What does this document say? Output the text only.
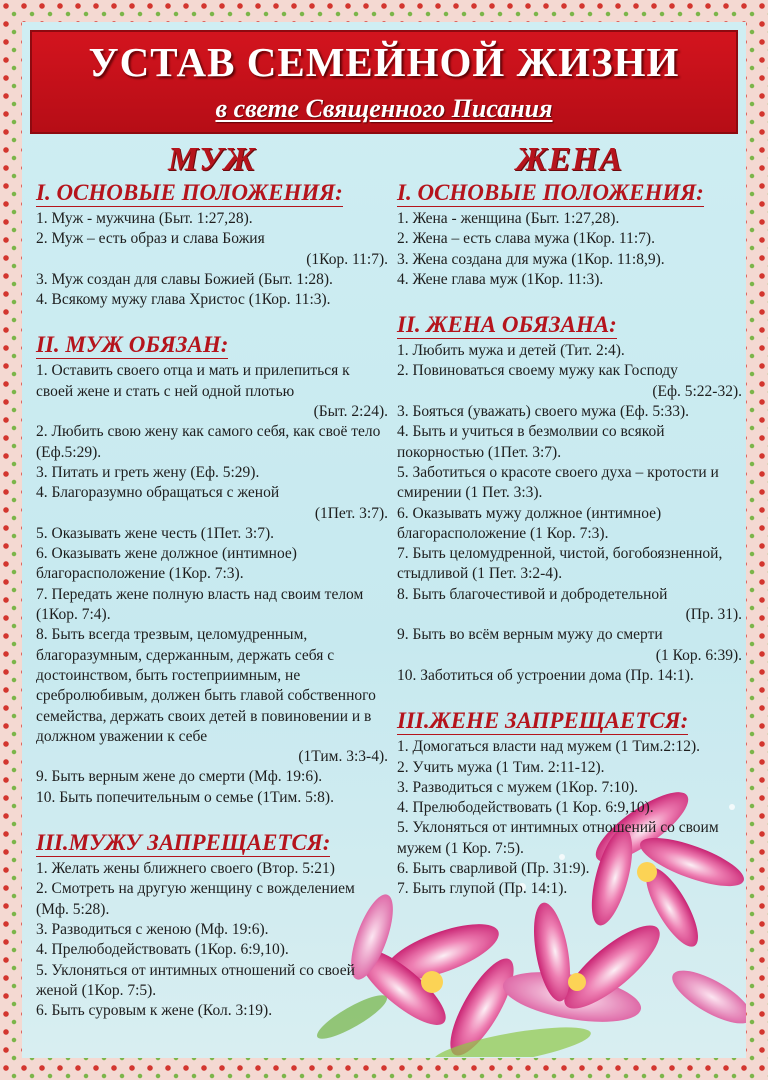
УСТАВ СЕМЕЙНОЙ ЖИЗНИ
в свете Священного Писания
МУЖ
I. ОСНОВЫЕ ПОЛОЖЕНИЯ:
1. Муж - мужчина (Быт. 1:27,28).
2. Муж – есть образ и слава Божия
(1Кор. 11:7).
3. Муж создан для славы Божией (Быт. 1:28).
4. Всякому мужу глава Христос (1Кор. 11:3).
II. МУЖ ОБЯЗАН:
1. Оставить своего отца и мать и прилепиться к своей жене и стать с ней одной плотью
(Быт. 2:24).
2. Любить свою жену как самого себя, как своё тело (Еф.5:29).
3. Питать и греть жену (Еф. 5:29).
4. Благоразумно обращаться с женой
(1Пет. 3:7).
5. Оказывать жене честь (1Пет. 3:7).
6. Оказывать жене должное (интимное) благорасположение (1Кор. 7:3).
7. Передать жене полную власть над своим телом (1Кор. 7:4).
8. Быть всегда трезвым, целомудренным, благоразумным, сдержанным, держать себя с достоинством, быть гостеприимным, не сребролюбивым, должен быть главой собственного семейства, держать своих детей в повиновении и в должном уважении к себе
(1Тим. 3:3-4).
9. Быть верным жене до смерти (Мф. 19:6).
10. Быть попечительным о семье (1Тим. 5:8).
III.МУЖУ ЗАПРЕЩАЕТСЯ:
1. Желать жены ближнего своего (Втор. 5:21)
2. Смотреть на другую женщину с вожделением (Мф. 5:28).
3. Разводиться с женою (Мф. 19:6).
4. Прелюбодействовать (1Кор. 6:9,10).
5. Уклоняться от интимных отношений со своей женой (1Кор. 7:5).
6. Быть суровым к жене (Кол. 3:19).
ЖЕНА
I. ОСНОВЫЕ ПОЛОЖЕНИЯ:
1. Жена - женщина (Быт. 1:27,28).
2. Жена – есть слава мужа (1Кор. 11:7).
3. Жена создана для мужа (1Кор. 11:8,9).
4. Жене глава муж (1Кор. 11:3).
II. ЖЕНА ОБЯЗАНА:
1. Любить мужа и детей (Тит. 2:4).
2. Повиноваться своему мужу как Господу
(Еф. 5:22-32).
3. Бояться (уважать) своего мужа (Еф. 5:33).
4. Быть и учиться в безмолвии со всякой покорностью (1Пет. 3:7).
5. Заботиться о красоте своего духа – кротости и смирении (1 Пет. 3:3).
6. Оказывать мужу должное (интимное) благорасположение (1 Кор. 7:3).
7. Быть целомудренной, чистой, богобоязненной, стыдливой (1 Пет. 3:2-4).
8. Быть благочестивой и добродетельной
(Пр. 31).
9. Быть во всём верным мужу до смерти
(1 Кор. 6:39).
10. Заботиться об устроении дома (Пр. 14:1).
III.ЖЕНЕ ЗАПРЕЩАЕТСЯ:
1. Домогаться власти над мужем (1 Тим.2:12).
2. Учить мужа (1 Тим. 2:11-12).
3. Разводиться с мужем (1Кор. 7:10).
4. Прелюбодействовать (1 Кор. 6:9,10).
5. Уклоняться от интимных отношений со своим мужем (1 Кор. 7:5).
6. Быть сварливой (Пр. 31:9).
7. Быть глупой (Пр. 14:1).
